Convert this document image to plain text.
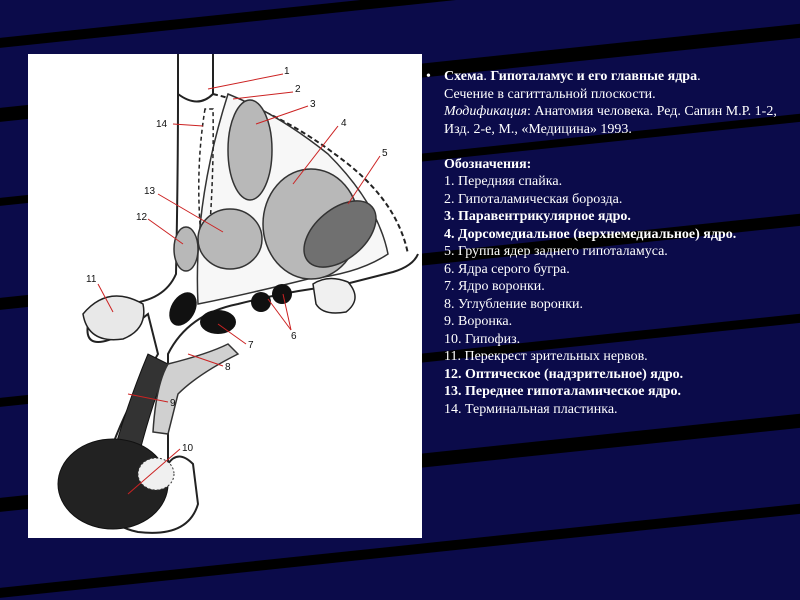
1
2
3
4
5
6
7
8
9
10
11
12
13
14
• Схема. Гипоталамус и его главные ядра.

Сечение в сагиттальной плоскости.

Модификация: Анатомия человека. Ред. Сапин М.Р. 1-2, Изд. 2-е, М., «Медицина» 1993.

Обозначения:

1. Передняя спайка.

2. Гипоталамическая борозда.

3. Паравентрикулярное ядро.

4. Дорсомедиальное (верхнемедиальное) ядро.

5. Группа ядер заднего гипоталамуса.

6. Ядра серого бугра.

7. Ядро воронки.

8. Углубление воронки.

9. Воронка.

10. Гипофиз.

11. Перекрест зрительных нервов.

12. Оптическое (надзрительное) ядро.

13. Переднее гипоталамическое ядро.

14. Терминальная пластинка.
